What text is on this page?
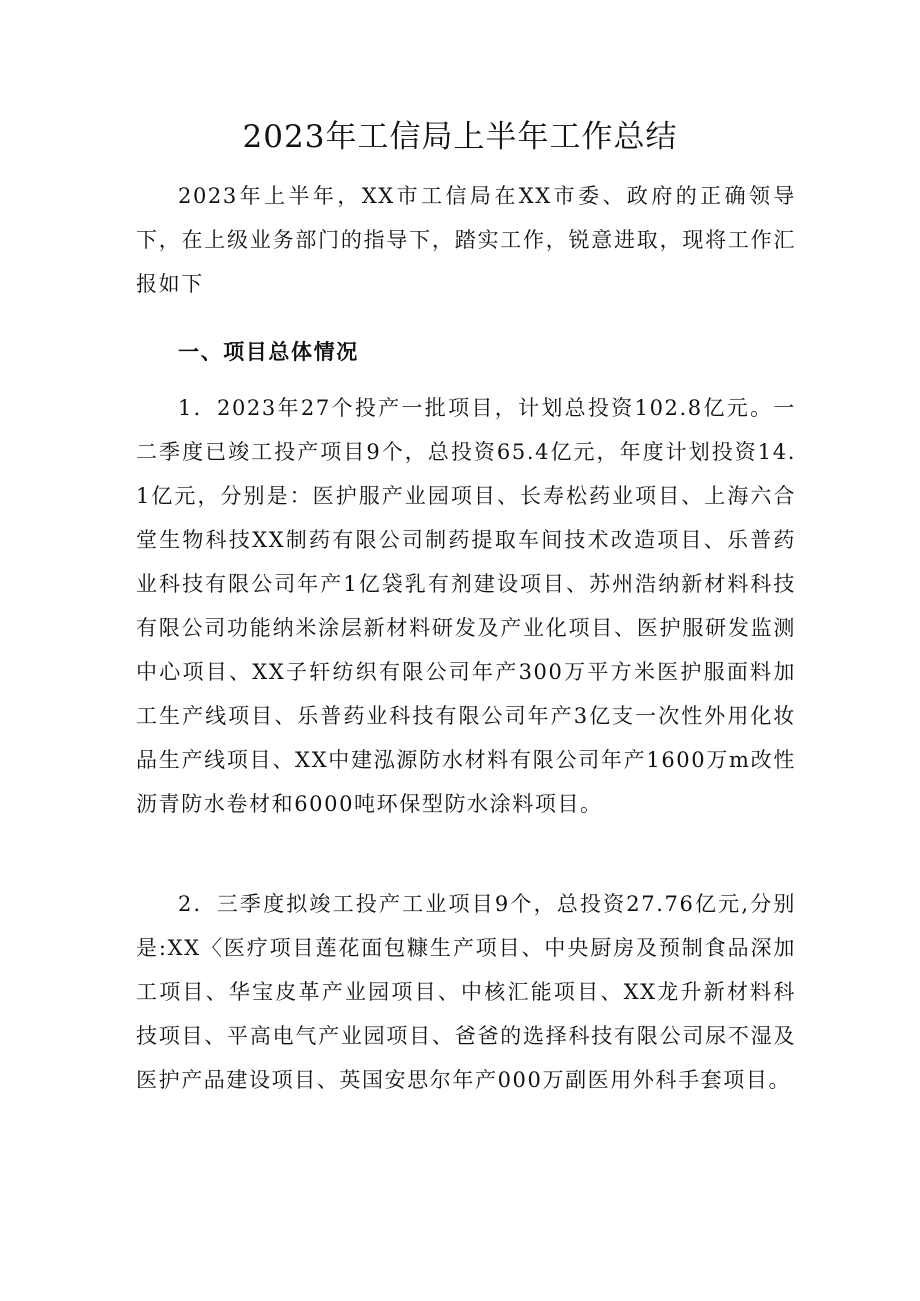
2023年工信局上半年工作总结

2023年上半年，XX市工信局在XX市委、政府的正确领导下，在上级业务部门的指导下，踏实工作，锐意进取，现将工作汇报如下

一、项目总体情况

1．2023年27个投产一批项目，计划总投资102.8亿元。一二季度已竣工投产项目9个，总投资65.4亿元，年度计划投资14.1亿元，分别是：医护服产业园项目、长寿松药业项目、上海六合堂生物科技XX制药有限公司制药提取车间技术改造项目、乐普药业科技有限公司年产1亿袋乳有剂建设项目、苏州浩纳新材料科技有限公司功能纳米涂层新材料研发及产业化项目、医护服研发监测中心项目、XX子轩纺织有限公司年产300万平方米医护服面料加工生产线项目、乐普药业科技有限公司年产3亿支一次性外用化妆品生产线项目、XX中建泓源防水材料有限公司年产1600万m改性沥青防水卷材和6000吨环保型防水涂料项目。

2．三季度拟竣工投产工业项目9个，总投资27.76亿元,分别是:XX〈医疗项目莲花面包糠生产项目、中央厨房及预制食品深加工项目、华宝皮革产业园项目、中核汇能项目、XX龙升新材料科技项目、平高电气产业园项目、爸爸的选择科技有限公司尿不湿及医护产品建设项目、英国安思尔年产000万副医用外科手套项目。
